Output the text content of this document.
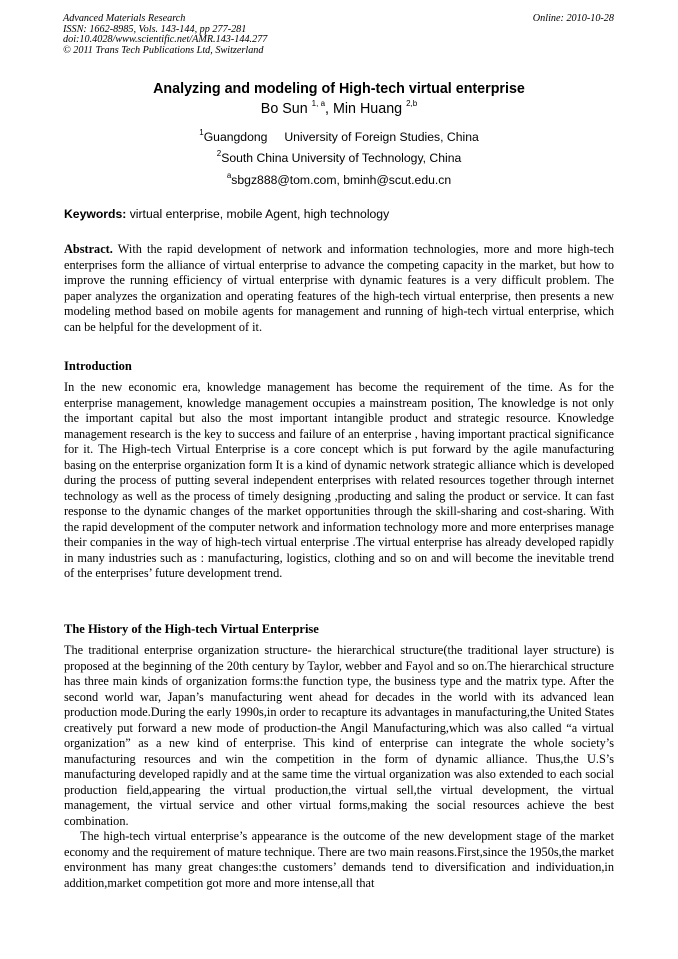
Advanced Materials Research
ISSN: 1662-8985, Vols. 143-144, pp 277-281
doi:10.4028/www.scientific.net/AMR.143-144.277
© 2011 Trans Tech Publications Ltd, Switzerland
Online: 2010-10-28
Analyzing and modeling of High-tech virtual enterprise
Bo Sun $^{1, a}$, Min Huang $^{2,b}$
$^1$Guangdong     University of Foreign Studies, China
$^2$South China University of Technology, China
$^a$sbgz888@tom.com, bminh@scut.edu.cn
Keywords: virtual enterprise, mobile Agent, high technology
Abstract. With the rapid development of network and information technologies, more and more high-tech enterprises form the alliance of virtual enterprise to advance the competing capacity in the market, but how to improve the running efficiency of virtual enterprise with dynamic features is a very difficult problem. The paper analyzes the organization and operating features of the high-tech virtual enterprise, then presents a new modeling method based on mobile agents for management and running of high-tech virtual enterprise, which can be helpful for the development of it.
Introduction
In the new economic era, knowledge management has become the requirement of the time. As for the enterprise management, knowledge management occupies a mainstream position, The knowledge is not only the important capital but also the most important intangible product and strategic resource. Knowledge management research is the key to success and failure of an enterprise , having important practical significance for it. The High-tech Virtual Enterprise is a core concept which is put forward by the agile manufacturing basing on the enterprise organization form It is a kind of dynamic network strategic alliance which is developed during the process of putting several independent enterprises with related resources together through internet technology as well as the process of timely designing ,producting and saling the product or service. It can fast response to the dynamic changes of the market opportunities through the skill-sharing and cost-sharing. With the rapid development of the computer network and information technology more and more enterprises manage their companies in the way of high-tech virtual enterprise .The virtual enterprise has already developed rapidly in many industries such as : manufacturing, logistics, clothing and so on and will become the inevitable trend of the enterprises’ future development trend.
The History of the High-tech Virtual Enterprise

The traditional enterprise organization structure- the hierarchical structure(the traditional layer structure) is proposed at the beginning of the 20th century by Taylor, webber and Fayol and so on.The hierarchical structure has three main kinds of organization forms:the function type, the business type and the matrix type. After the second world war, Japan’s manufacturing went ahead for decades in the world with its advanced lean production mode.During the early 1990s,in order to recapture its advantages in manufacturing,the United States creatively put forward a new mode of production-the Angil Manufacturing,which was also called “a virtual organization” as a new kind of enterprise. This kind of enterprise can integrate the whole society’s manufacturing resources and win the competition in the form of dynamic alliance. Thus,the U.S’s manufacturing developed rapidly and at the same time the virtual organization was also extended to each social production field,appearing the virtual production,the virtual sell,the virtual development, the virtual management, the virtual service and other virtual forms,making the social resources achieve the best combination.

The high-tech virtual enterprise’s appearance is the outcome of the new development stage of the market economy and the requirement of mature technique. There are two main reasons.First,since the 1950s,the market environment has many great changes:the customers’ demands tend to diversification and individuation,in addition,market competition got more and more intense,all that
